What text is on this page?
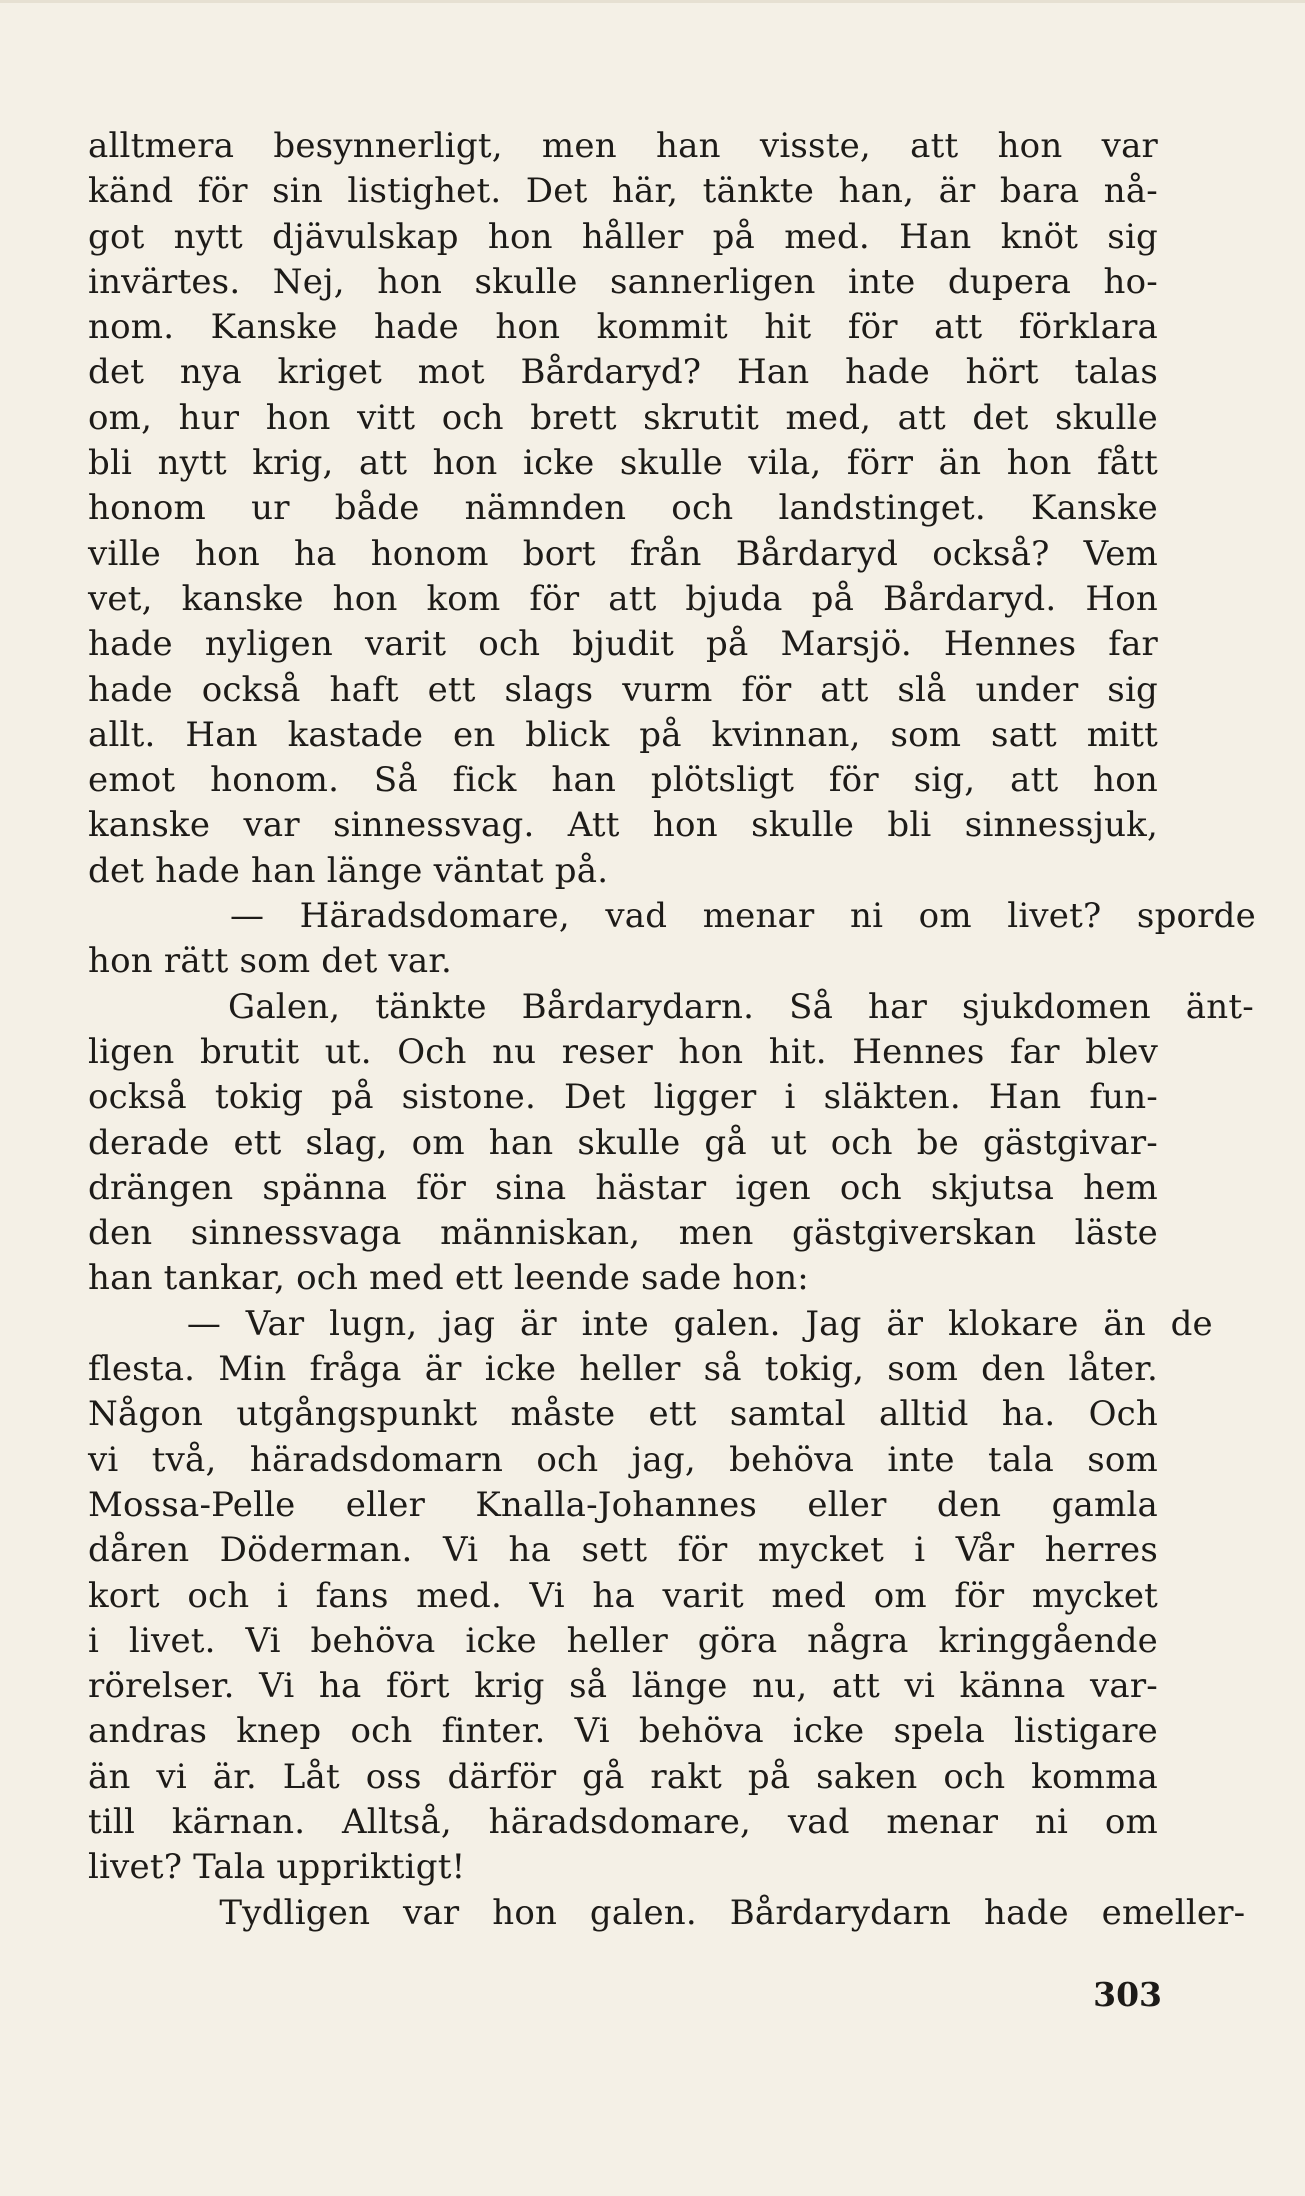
alltmera besynnerligt, men han visste, att hon var
känd för sin listighet. Det här, tänkte han, är bara nå-
got nytt djävulskap hon håller på med. Han knöt sig
invärtes. Nej, hon skulle sannerligen inte dupera ho-
nom. Kanske hade hon kommit hit för att förklara
det nya kriget mot Bårdaryd? Han hade hört talas
om, hur hon vitt och brett skrutit med, att det skulle
bli nytt krig, att hon icke skulle vila, förr än hon fått
honom ur både nämnden och landstinget. Kanske
ville hon ha honom bort från Bårdaryd också? Vem
vet, kanske hon kom för att bjuda på Bårdaryd. Hon
hade nyligen varit och bjudit på Marsjö. Hennes far
hade också haft ett slags vurm för att slå under sig
allt. Han kastade en blick på kvinnan, som satt mitt
emot honom. Så fick han plötsligt för sig, att hon
kanske var sinnessvag. Att hon skulle bli sinnessjuk,
det hade han länge väntat på.
— Häradsdomare, vad menar ni om livet? sporde
hon rätt som det var.
Galen, tänkte Bårdarydarn. Så har sjukdomen änt-
ligen brutit ut. Och nu reser hon hit. Hennes far blev
också tokig på sistone. Det ligger i släkten. Han fun-
derade ett slag, om han skulle gå ut och be gästgivar-
drängen spänna för sina hästar igen och skjutsa hem
den sinnessvaga människan, men gästgiverskan läste
han tankar, och med ett leende sade hon:
— Var lugn, jag är inte galen. Jag är klokare än de
flesta. Min fråga är icke heller så tokig, som den låter.
Någon utgångspunkt måste ett samtal alltid ha. Och
vi två, häradsdomarn och jag, behöva inte tala som
Mossa-Pelle eller Knalla-Johannes eller den gamla
dåren Döderman. Vi ha sett för mycket i Vår herres
kort och i fans med. Vi ha varit med om för mycket
i livet. Vi behöva icke heller göra några kringgående
rörelser. Vi ha fört krig så länge nu, att vi känna var-
andras knep och finter. Vi behöva icke spela listigare
än vi är. Låt oss därför gå rakt på saken och komma
till kärnan. Alltså, häradsdomare, vad menar ni om
livet? Tala uppriktigt!
Tydligen var hon galen. Bårdarydarn hade emeller-
303
